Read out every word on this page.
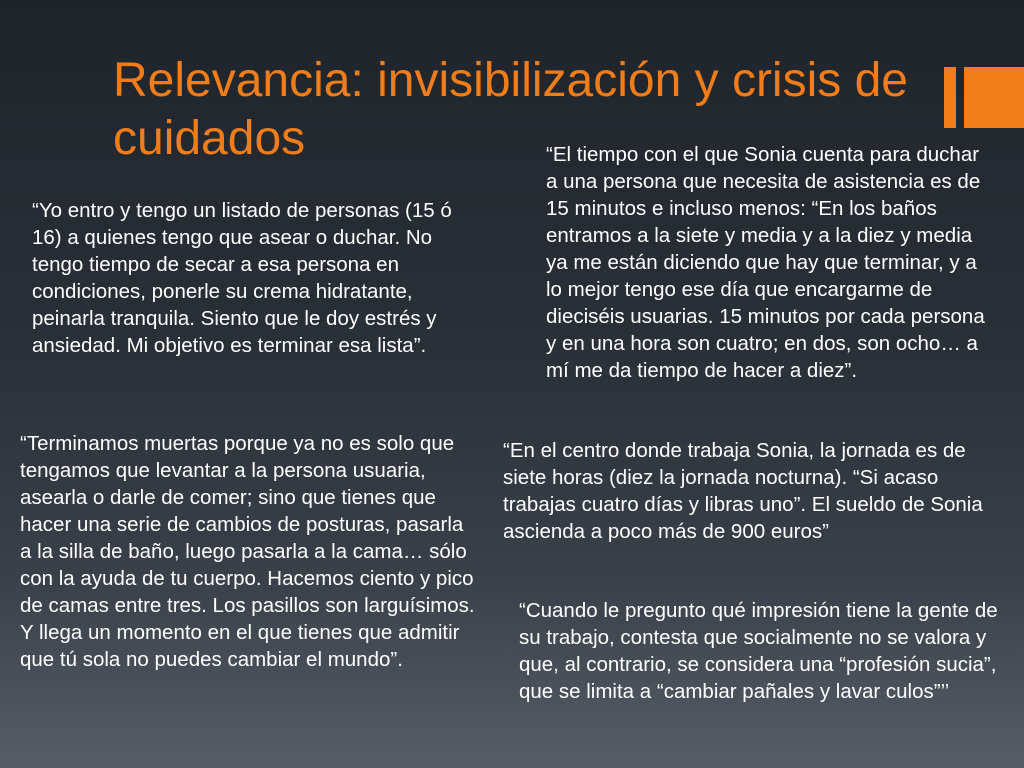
Relevancia: invisibilización y crisis de cuidados

“Yo entro y tengo un listado de personas (15 ó 16) a quienes tengo que asear o duchar. No tengo tiempo de secar a esa persona en condiciones, ponerle su crema hidratante, peinarla tranquila. Siento que le doy estrés y ansiedad. Mi objetivo es terminar esa lista”.

“El tiempo con el que Sonia cuenta para duchar a una persona que necesita de asistencia es de 15 minutos e incluso menos: “En los baños entramos a la siete y media y a la diez y media ya me están diciendo que hay que terminar, y a lo mejor tengo ese día que encargarme de dieciséis usuarias. 15 minutos por cada persona y en una hora son cuatro; en dos, son ocho… a mí me da tiempo de hacer a diez”.

“Terminamos muertas porque ya no es solo que tengamos que levantar a la persona usuaria, asearla o darle de comer; sino que tienes que hacer una serie de cambios de posturas, pasarla a la silla de baño, luego pasarla a la cama… sólo con la ayuda de tu cuerpo. Hacemos ciento y pico de camas entre tres. Los pasillos son larguísimos. Y llega un momento en el que tienes que admitir que tú sola no puedes cambiar el mundo”.

“En el centro donde trabaja Sonia, la jornada es de siete horas (diez la jornada nocturna). “Si acaso trabajas cuatro días y libras uno”. El sueldo de Sonia ascienda a poco más de 900 euros”

“Cuando le pregunto qué impresión tiene la gente de su trabajo, contesta que socialmente no se valora y que, al contrario, se considera una “profesión sucia”, que se limita a “cambiar pañales y lavar culos”’’
